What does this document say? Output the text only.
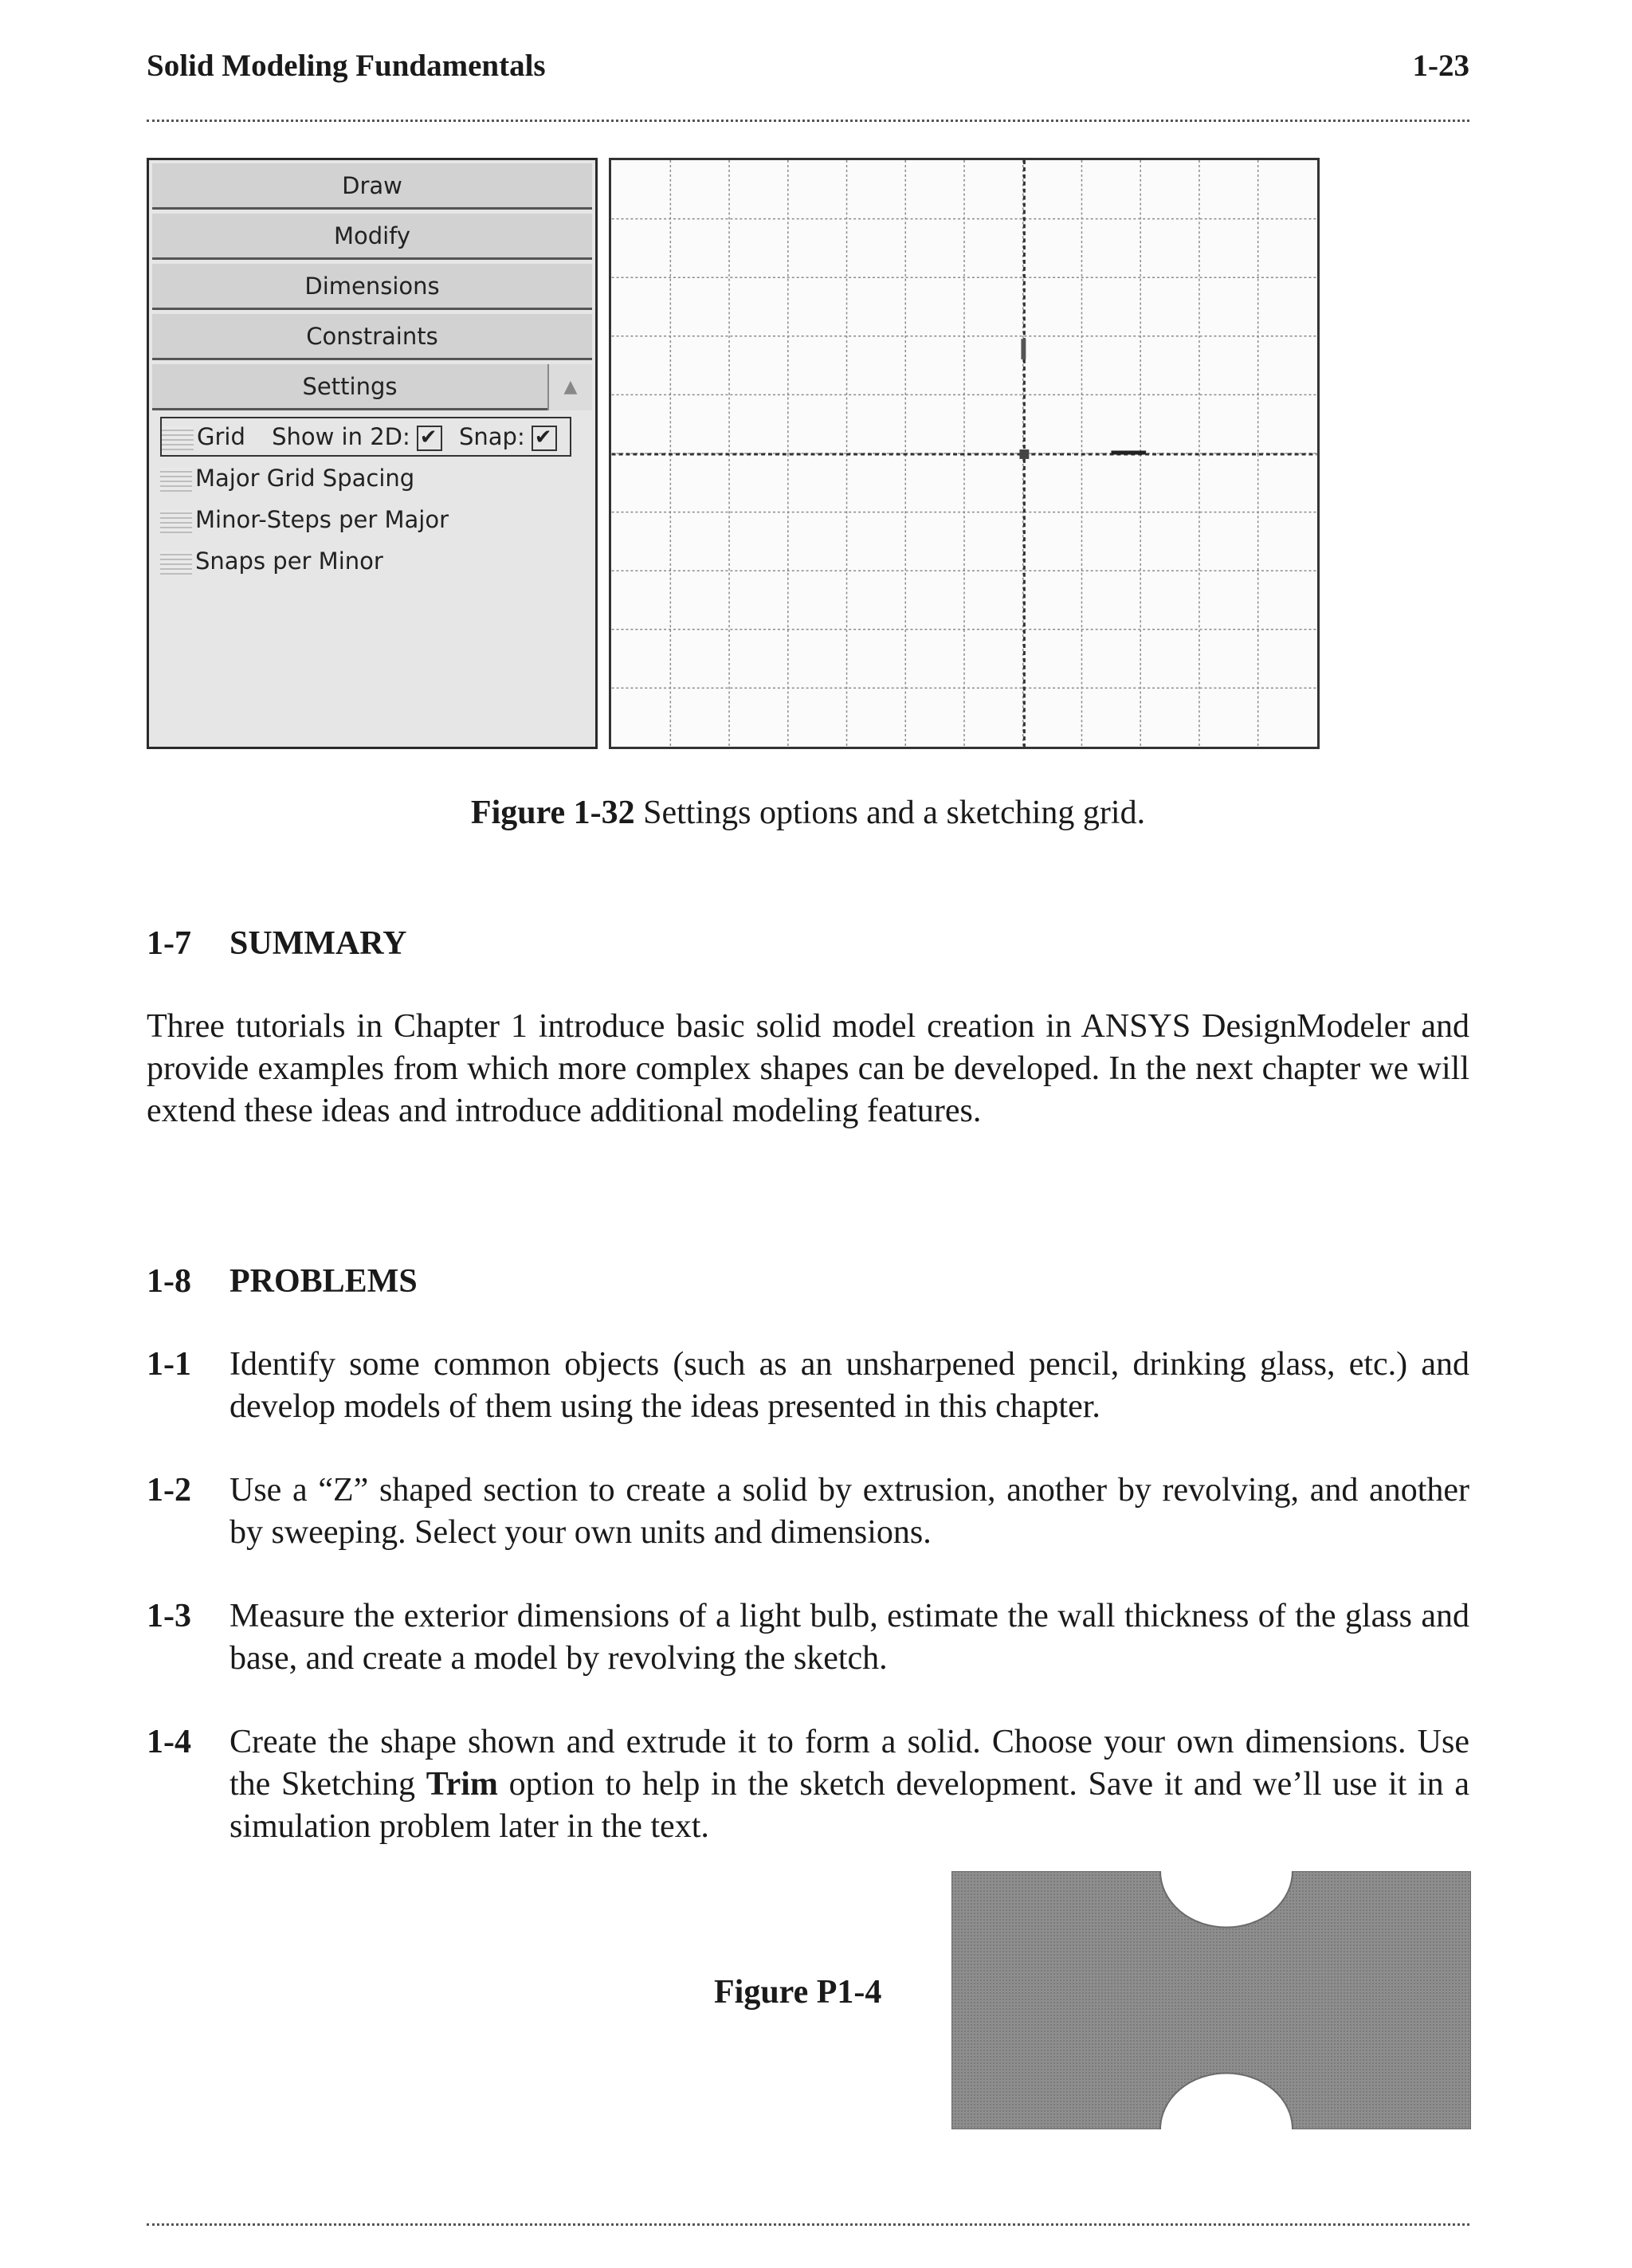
Solid Modeling Fundamentals	1-23
Draw
Modify
Dimensions
Constraints
Settings	▲
Grid Show in 2D:✔ Snap:✔
Major Grid Spacing
Minor-Steps per Major
Snaps per Minor
Figure 1-32 Settings options and a sketching grid.
1-7 SUMMARY
Three tutorials in Chapter 1 introduce basic solid model creation in ANSYS DesignModeler and provide examples from which more complex shapes can be developed. In the next chapter we will extend these ideas and introduce additional modeling features.
1-8 PROBLEMS
1-1 Identify some common objects (such as an unsharpened pencil, drinking glass, etc.) and develop models of them using the ideas presented in this chapter.
1-2 Use a “Z” shaped section to create a solid by extrusion, another by revolving, and another by sweeping. Select your own units and dimensions.
1-3 Measure the exterior dimensions of a light bulb, estimate the wall thickness of the glass and base, and create a model by revolving the sketch.
1-4 Create the shape shown and extrude it to form a solid. Choose your own dimensions. Use the Sketching Trim option to help in the sketch development. Save it and we’ll use it in a simulation problem later in the text.
Figure P1-4
